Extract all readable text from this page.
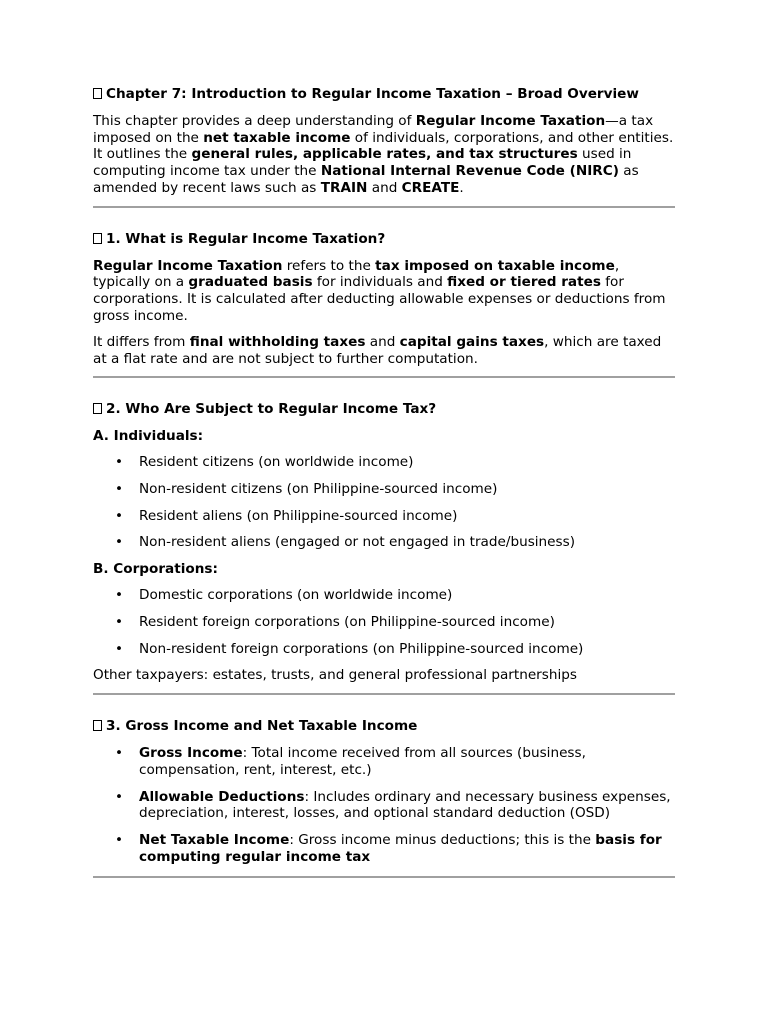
Chapter 7: Introduction to Regular Income Taxation – Broad Overview

This chapter provides a deep understanding of Regular Income Taxation—a tax imposed on the net taxable income of individuals, corporations, and other entities. It outlines the general rules, applicable rates, and tax structures used in computing income tax under the National Internal Revenue Code (NIRC) as amended by recent laws such as TRAIN and CREATE.

1. What is Regular Income Taxation?

Regular Income Taxation refers to the tax imposed on taxable income, typically on a graduated basis for individuals and fixed or tiered rates for corporations. It is calculated after deducting allowable expenses or deductions from gross income.

It differs from final withholding taxes and capital gains taxes, which are taxed at a flat rate and are not subject to further computation.

2. Who Are Subject to Regular Income Tax?

A. Individuals:

• Resident citizens (on worldwide income)
• Non-resident citizens (on Philippine-sourced income)
• Resident aliens (on Philippine-sourced income)
• Non-resident aliens (engaged or not engaged in trade/business)

B. Corporations:

• Domestic corporations (on worldwide income)
• Resident foreign corporations (on Philippine-sourced income)
• Non-resident foreign corporations (on Philippine-sourced income)

Other taxpayers: estates, trusts, and general professional partnerships

3. Gross Income and Net Taxable Income
• Gross Income: Total income received from all sources (business, compensation, rent, interest, etc.)
• Allowable Deductions: Includes ordinary and necessary business expenses, depreciation, interest, losses, and optional standard deduction (OSD)
• Net Taxable Income: Gross income minus deductions; this is the basis for computing regular income tax
